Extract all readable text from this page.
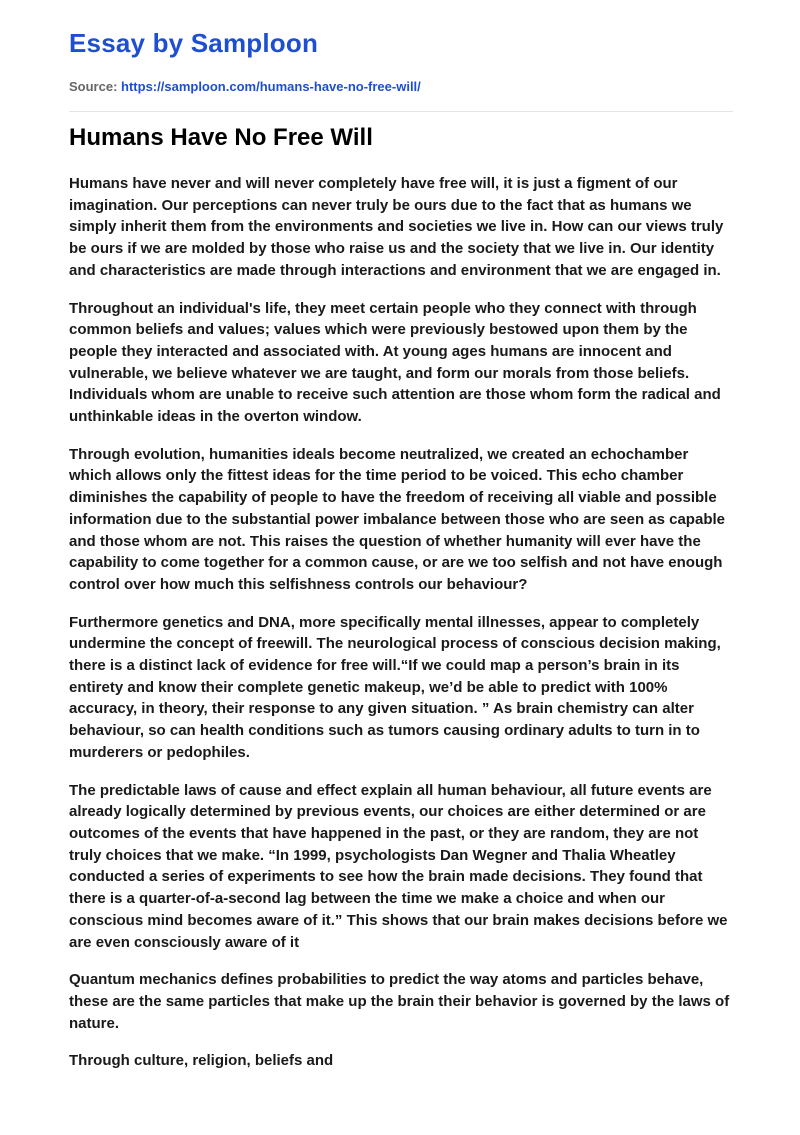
Essay by Samploon
Source: https://samploon.com/humans-have-no-free-will/
Humans Have No Free Will

Humans have never and will never completely have free will, it is just a figment of our imagination. Our perceptions can never truly be ours due to the fact that as humans we simply inherit them from the environments and societies we live in. How can our views truly be ours if we are molded by those who raise us and the society that we live in. Our identity and characteristics are made through interactions and environment that we are engaged in.

Throughout an individual's life, they meet certain people who they connect with through common beliefs and values; values which were previously bestowed upon them by the people they interacted and associated with. At young ages humans are innocent and vulnerable, we believe whatever we are taught, and form our morals from those beliefs. Individuals whom are unable to receive such attention are those whom form the radical and unthinkable ideas in the overton window.

Through evolution, humanities ideals become neutralized, we created an echochamber which allows only the fittest ideas for the time period to be voiced. This echo chamber diminishes the capability of people to have the freedom of receiving all viable and possible information due to the substantial power imbalance between those who are seen as capable and those whom are not. This raises the question of whether humanity will ever have the capability to come together for a common cause, or are we too selfish and not have enough control over how much this selfishness controls our behaviour?

Furthermore genetics and DNA, more specifically mental illnesses, appear to completely undermine the concept of freewill. The neurological process of conscious decision making, there is a distinct lack of evidence for free will.“If we could map a person’s brain in its entirety and know their complete genetic makeup, we’d be able to predict with 100% accuracy, in theory, their response to any given situation. ” As brain chemistry can alter behaviour, so can health conditions such as tumors causing ordinary adults to turn in to murderers or pedophiles.

The predictable laws of cause and effect explain all human behaviour, all future events are already logically determined by previous events, our choices are either determined or are outcomes of the events that have happened in the past, or they are random, they are not truly choices that we make. “In 1999, psychologists Dan Wegner and Thalia Wheatley conducted a series of experiments to see how the brain made decisions. They found that there is a quarter-of-a-second lag between the time we make a choice and when our conscious mind becomes aware of it.” This shows that our brain makes decisions before we are even consciously aware of it

Quantum mechanics defines probabilities to predict the way atoms and particles behave, these are the same particles that make up the brain their behavior is governed by the laws of nature.

Through culture, religion, beliefs and
